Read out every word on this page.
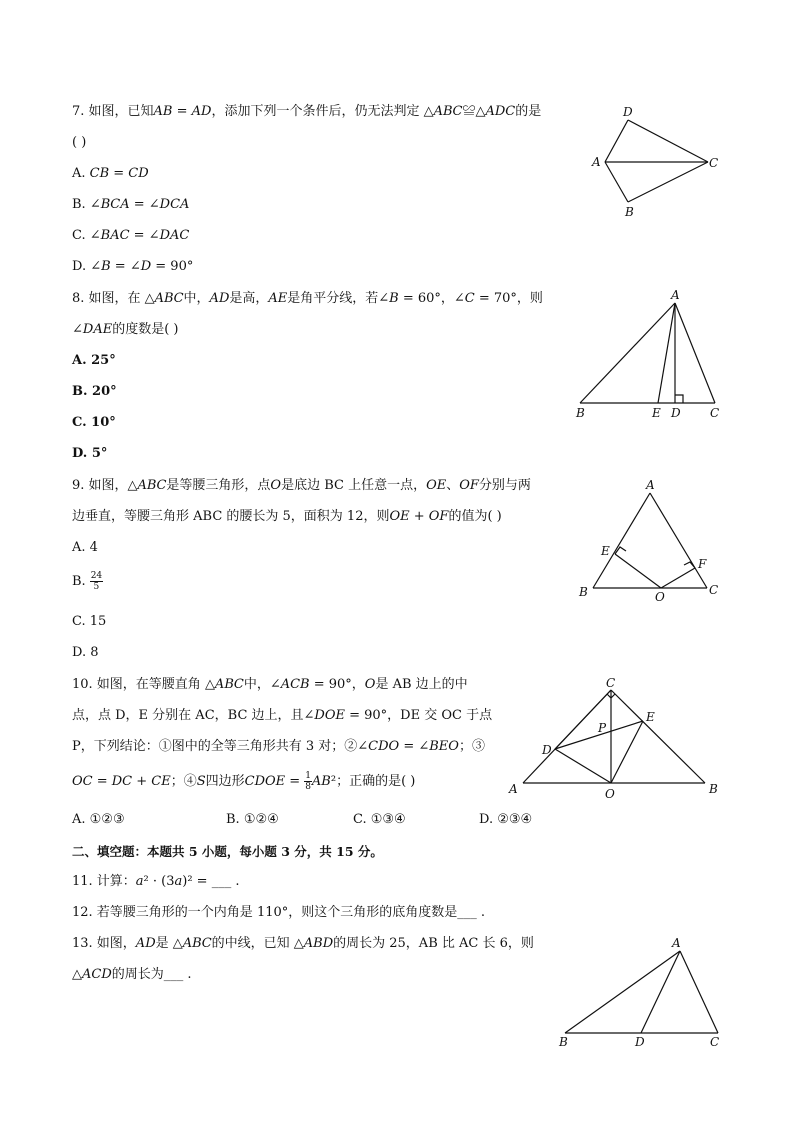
7. 如图，已知𝐴𝐵 = 𝐴𝐷，添加下列一个条件后，仍无法判定 △𝐴𝐵𝐶≌△𝐴𝐷𝐶的是
( )
A. 𝐶𝐵 = 𝐶𝐷
B. ∠𝐵𝐶𝐴 = ∠𝐷𝐶𝐴
C. ∠𝐵𝐴𝐶 = ∠𝐷𝐴𝐶
D. ∠𝐵 = ∠𝐷 = 90°
A
D
C
B
8. 如图，在 △𝐴𝐵𝐶中，𝐴𝐷是高，𝐴𝐸是角平分线，若∠𝐵 = 60°，∠𝐶 = 70°，则
∠𝐷𝐴𝐸的度数是( )
A. 25°
B. 20°
C. 10°
D. 5°
A
B	E D C
9. 如图，△𝐴𝐵𝐶是等腰三角形，点𝑂是底边 BC 上任意一点，𝑂𝐸、𝑂𝐹分别与两
边垂直，等腰三角形 ABC 的腰长为 5，面积为 12，则𝑂𝐸 + 𝑂𝐹的值为( )
A. 4
B. $\frac{24}{5}$
C. 15
D. 8
A
B	C
E
F
O
10. 如图，在等腰直角 △𝐴𝐵𝐶中，∠𝐴𝐶𝐵 = 90°，𝑂是 AB 边上的中
点，点 D，E 分别在 AC，BC 边上，且∠𝐷𝑂𝐸 = 90°，DE 交 OC 于点
P，下列结论：①图中的全等三角形共有 3 对；②∠𝐶𝐷𝑂 = ∠𝐵𝐸𝑂；③
𝑂𝐶 = 𝐷𝐶 + 𝐶𝐸；④𝑆四边形𝐶𝐷𝑂𝐸 = $\frac{1}{8}$ 𝐴𝐵²；正确的是( )
A. ①②③	B. ①②④	C. ①③④	D. ②③④
C
A	B
O
D
E
P
二、填空题：本题共 5 小题，每小题 3 分，共 15 分。
11. 计算：𝑎² · (3𝑎)² = ___ .
12. 若等腰三角形的一个内角是 110°，则这个三角形的底角度数是___ .
13. 如图，𝐴𝐷是 △𝐴𝐵𝐶的中线，已知 △𝐴𝐵𝐷的周长为 25，AB 比 AC 长 6，则
△𝐴𝐶𝐷的周长为___ .
A
B	D	C
